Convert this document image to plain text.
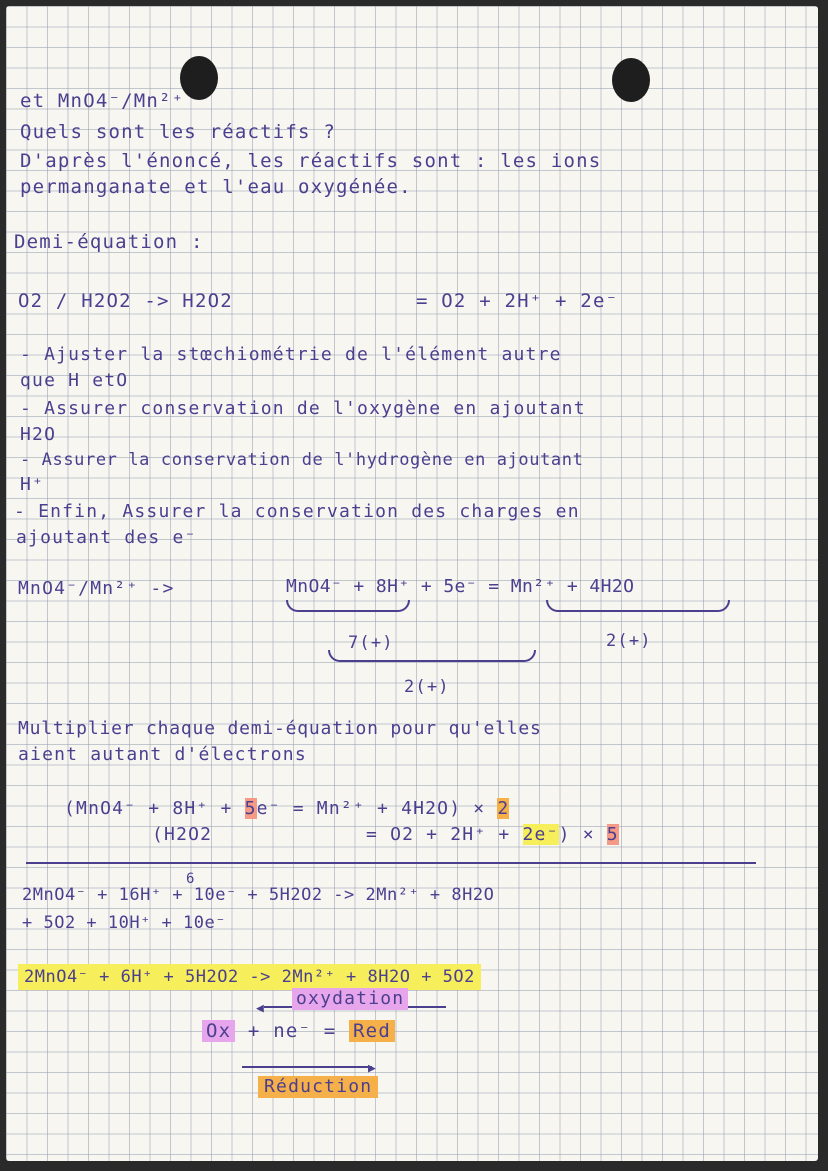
et MnO4⁻/Mn²⁺
Quels sont les réactifs ?
D'après l'énoncé, les réactifs sont : les ions
permanganate et l'eau oxygénée.
Demi-équation :
O2 / H2O2 -> H2O2	= O2 + 2H⁺ + 2e⁻
- Ajuster la stœchiométrie de l'élément autre
que H etO
- Assurer conservation de l'oxygène en ajoutant
H2O
- Assurer la conservation de l'hydrogène en ajoutant
H⁺
- Enfin, Assurer la conservation des charges en
ajoutant des e⁻
MnO4⁻/Mn²⁺ ->	MnO4⁻ + 8H⁺ + 5e⁻ = Mn²⁺ + 4H2O
7(+)	2(+)
2(+)
Multiplier chaque demi-équation pour qu'elles
aient autant d'électrons
(MnO4⁻ + 8H⁺ + 5e⁻ = Mn²⁺ + 4H2O) × 2
(H2O2	= O2 + 2H⁺ + 2e⁻) × 5
6
2MnO4⁻ + 16H⁺ + 10e⁻ + 5H2O2 -> 2Mn²⁺ + 8H2O
+ 5O2 + 10H⁺ + 10e⁻
2MnO4⁻ + 6H⁺ + 5H2O2 -> 2Mn²⁺ + 8H2O + 5O2
◀ oxydation
Ox + ne⁻ = Red
▶
Réduction
